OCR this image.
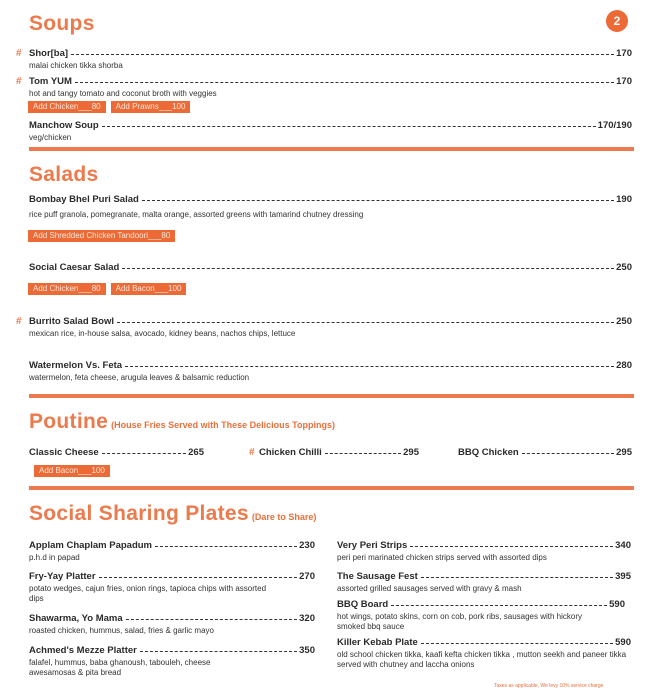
2
Soups
# Shor[ba]	170
malai chicken tikka shorba
# Tom YUM	170
hot and tangy tomato and coconut broth with veggies
Add Chicken___80	Add Prawns___100
Manchow Soup	170/190
veg/chicken
Salads
Bombay Bhel Puri Salad	190
rice puff granola, pomegranate, malta orange, assorted greens with tamarind chutney dressing
Add Shredded Chicken Tandoori___80
Social Caesar Salad	250
Add Chicken___80	Add Bacon___100
# Burrito Salad Bowl	250
mexican rice, in-house salsa, avocado, kidney beans, nachos chips, lettuce
Watermelon Vs. Feta	280
watermelon, feta cheese, arugula leaves & balsamic reduction
Poutine (House Fries Served with These Delicious Toppings)
Classic Cheese	265
Add Bacon___100
# Chicken Chilli	295	BBQ Chicken	295
Social Sharing Plates (Dare to Share)
Applam Chaplam Papadum	230
p.h.d in papad
Fry-Yay Platter	270
potato wedges, cajun fries, onion rings, tapioca chips with assorted dips
Shawarma, Yo Mama	320
roasted chicken, hummus, salad, fries & garlic mayo
Achmed's Mezze Platter	350
falafel, hummus, baba ghanoush, tabouleh, cheese awesamosas & pita bread
Very Peri Strips	340
peri peri marinated chicken strips served with assorted dips
The Sausage Fest	395
assorted grilled sausages served with gravy & mash
BBQ Board	590
hot wings, potato skins, corn on cob, pork ribs, sausages with hickory smoked bbq sauce
Killer Kebab Plate	590
old school chicken tikka, kaafi kefta chicken tikka , mutton seekh and paneer tikka served with chutney and laccha onions
Taxes as applicable, We levy 10% service charge
